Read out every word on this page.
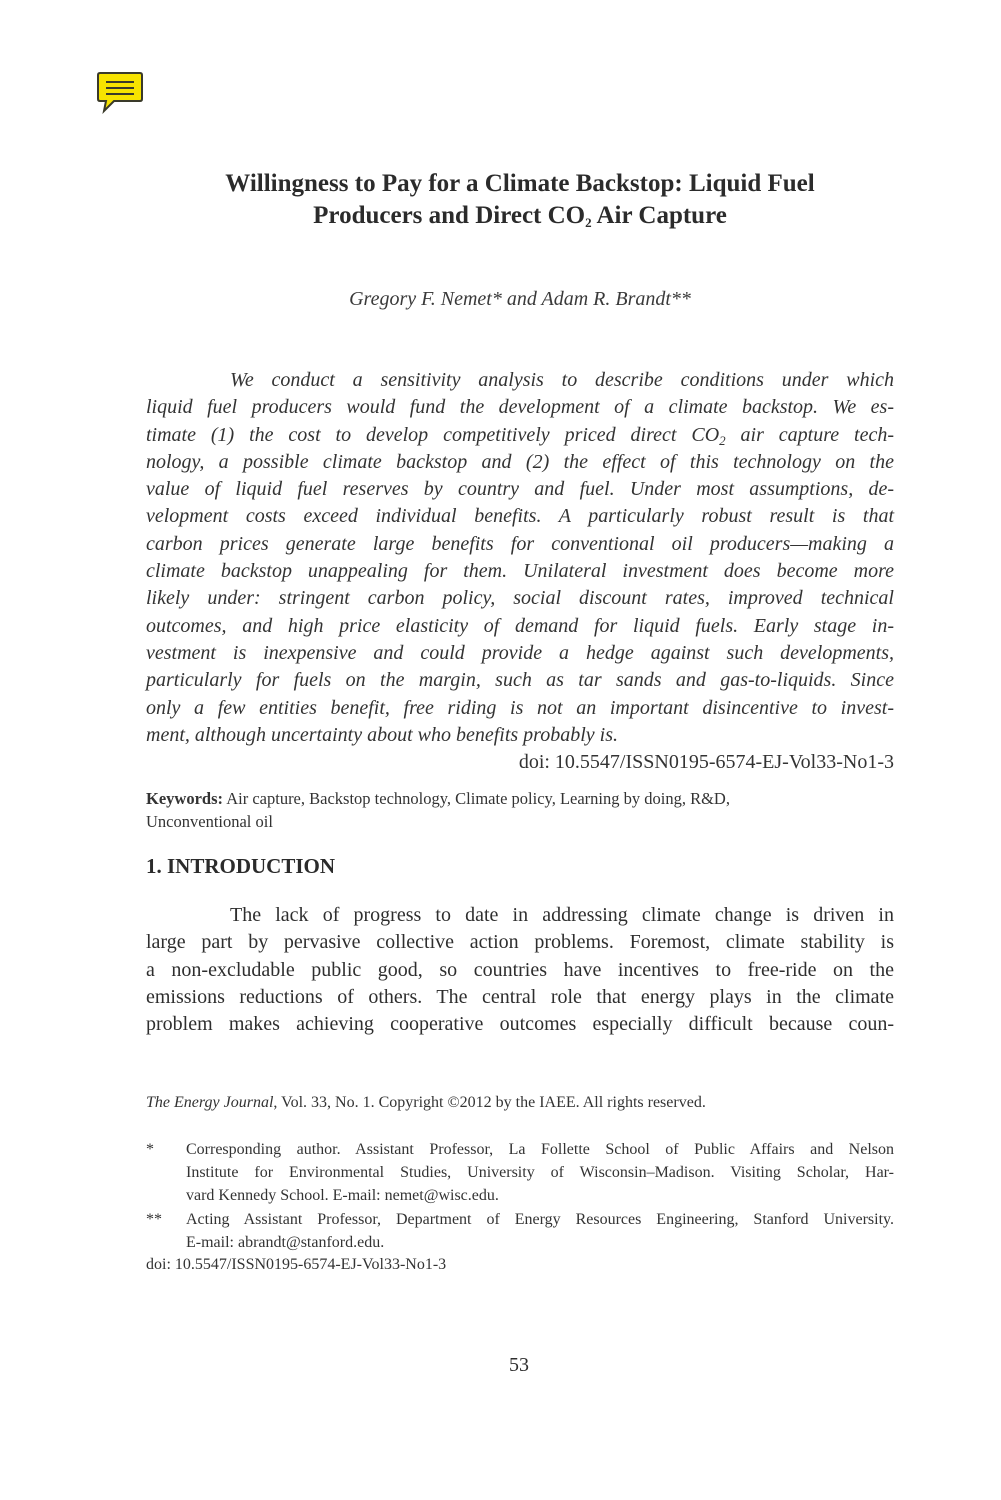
Willingness to Pay for a Climate Backstop: Liquid Fuel
Producers and Direct $CO_2$ Air Capture
Gregory F. Nemet* and Adam R. Brandt**
We conduct a sensitivity analysis to describe conditions under which
liquid fuel producers would fund the development of a climate backstop. We es-
timate (1) the cost to develop competitively priced direct $CO_2$ air capture tech-
nology, a possible climate backstop and (2) the effect of this technology on the
value of liquid fuel reserves by country and fuel. Under most assumptions, de-
velopment costs exceed individual benefits. A particularly robust result is that
carbon prices generate large benefits for conventional oil producers—making a
climate backstop unappealing for them. Unilateral investment does become more
likely under: stringent carbon policy, social discount rates, improved technical
outcomes, and high price elasticity of demand for liquid fuels. Early stage in-
vestment is inexpensive and could provide a hedge against such developments,
particularly for fuels on the margin, such as tar sands and gas-to-liquids. Since
only a few entities benefit, free riding is not an important disincentive to invest-
ment, although uncertainty about who benefits probably is.
doi: 10.5547/ISSN0195-6574-EJ-Vol33-No1-3
Keywords: Air capture, Backstop technology, Climate policy, Learning by doing, R&D,
Unconventional oil
1. INTRODUCTION
The lack of progress to date in addressing climate change is driven in
large part by pervasive collective action problems. Foremost, climate stability is
a non-excludable public good, so countries have incentives to free-ride on the
emissions reductions of others. The central role that energy plays in the climate
problem makes achieving cooperative outcomes especially difficult because coun-
The Energy Journal, Vol. 33, No. 1. Copyright ©2012 by the IAEE. All rights reserved.
* Corresponding author. Assistant Professor, La Follette School of Public Affairs and Nelson
Institute for Environmental Studies, University of Wisconsin–Madison. Visiting Scholar, Har-
vard Kennedy School. E-mail: nemet@wisc.edu.
** Acting Assistant Professor, Department of Energy Resources Engineering, Stanford University.
E-mail: abrandt@stanford.edu.
doi: 10.5547/ISSN0195-6574-EJ-Vol33-No1-3
53
